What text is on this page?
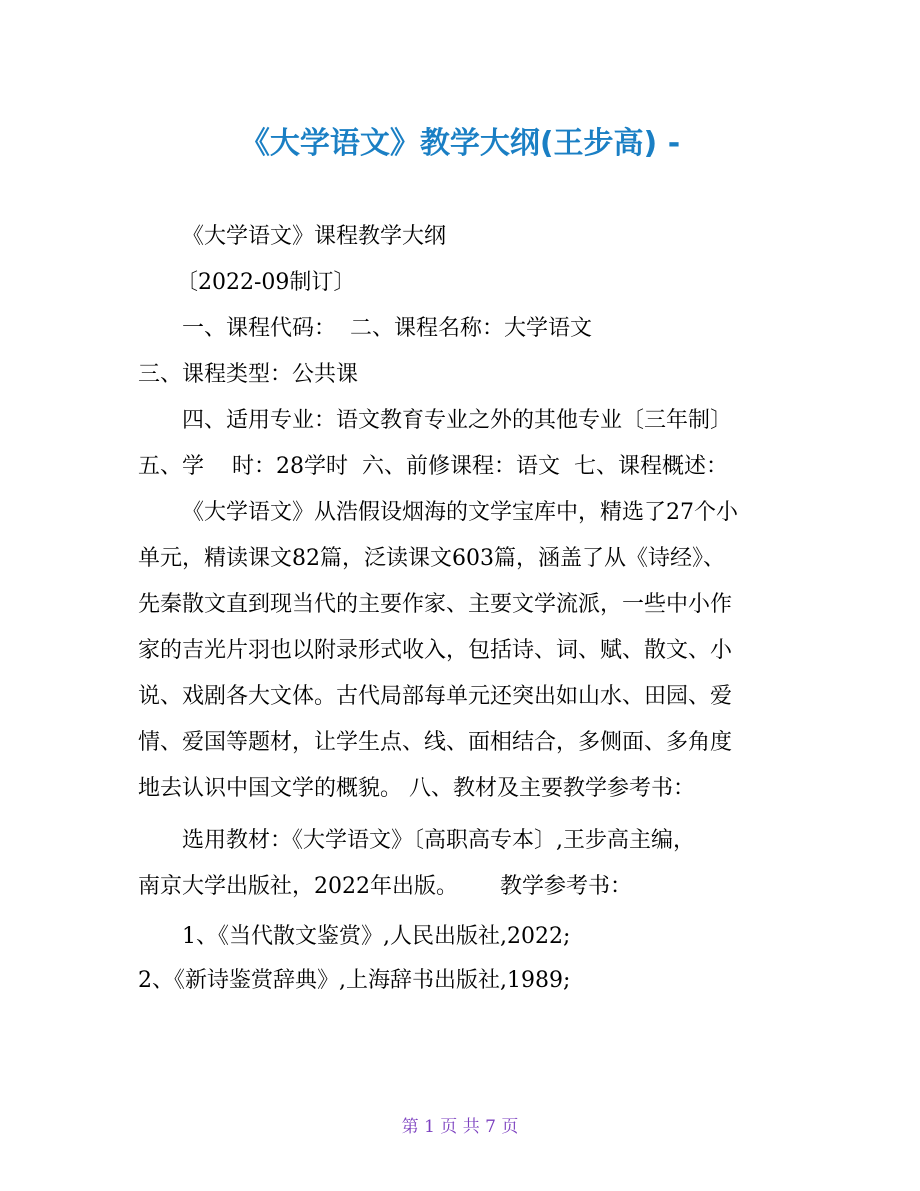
《大学语文》教学大纲(王步高) -
《大学语文》课程教学大纲
〔2022-09制订〕
一、课程代码：  二、课程名称：大学语文
三、课程类型：公共课
四、适用专业：语文教育专业之外的其他专业〔三年制〕
五、学    时：28学时  六、前修课程：语文  七、课程概述：
《大学语文》从浩假设烟海的文学宝库中，精选了27个小
单元，精读课文82篇，泛读课文603篇，涵盖了从《诗经》、
先秦散文直到现当代的主要作家、主要文学流派，一些中小作
家的吉光片羽也以附录形式收入，包括诗、词、赋、散文、小
说、戏剧各大文体。古代局部每单元还突出如山水、田园、爱
情、爱国等题材，让学生点、线、面相结合，多侧面、多角度
地去认识中国文学的概貌。 八、教材及主要教学参考书：
选用教材：《大学语文》〔高职高专本〕,王步高主编，
南京大学出版社，2022年出版。      教学参考书：
1、《当代散文鉴赏》,人民出版社,2022;
2、《新诗鉴赏辞典》,上海辞书出版社,1989;
第 1 页 共 7 页
